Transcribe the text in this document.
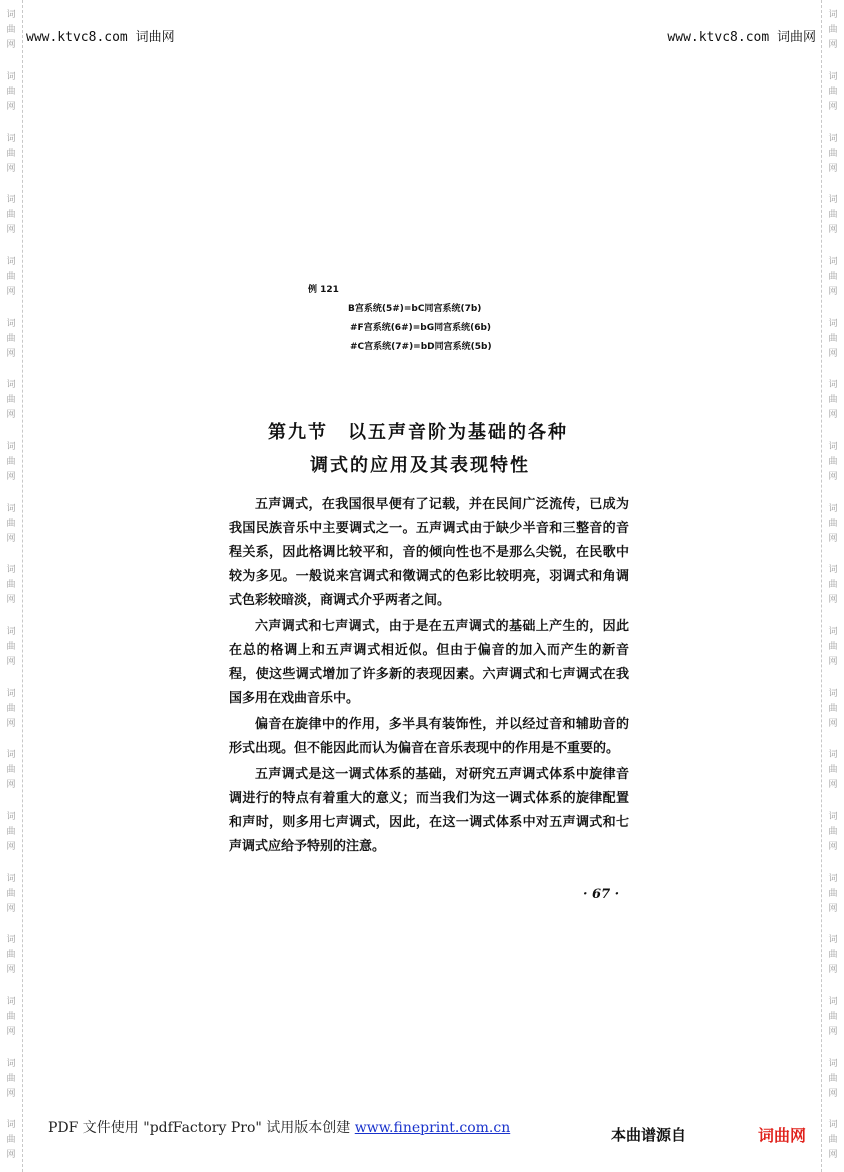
词
曲
网
词
曲
网
词
曲
网
词
曲
网
词
曲
网
词
曲
网
词
曲
网
词
曲
网
词
曲
网
词
曲
网
词
曲
网
词
曲
网
词
曲
网
词
曲
网
词
曲
网
词
曲
网
词
曲
网
词
曲
网
词
曲
网
词
曲
网
词
曲
网
词
曲
网
词
曲
网
词
曲
网
词
曲
网
词
曲
网
词
曲
网
词
曲
网
词
曲
网
词
曲
网
词
曲
网
词
曲
网
词
曲
网
词
曲
网
词
曲
网
词
曲
网
词
曲
网
词
曲
网
www.ktvc8.com 词曲网	www.ktvc8.com 词曲网
例 121
B宫系统(5#)=bC同宫系统(7b)
#F宫系统(6#)=bG同宫系统(6b)
#C宫系统(7#)=bD同宫系统(5b)
第九节　以五声音阶为基础的各种
调式的应用及其表现特性

五声调式，在我国很早便有了记载，并在民间广泛流传，已成为我国民族音乐中主要调式之一。五声调式由于缺少半音和三整音的音程关系，因此格调比较平和，音的倾向性也不是那么尖锐，在民歌中较为多见。一般说来宫调式和徵调式的色彩比较明亮，羽调式和角调式色彩较暗淡，商调式介乎两者之间。

六声调式和七声调式，由于是在五声调式的基础上产生的，因此在总的格调上和五声调式相近似。但由于偏音的加入而产生的新音程，使这些调式增加了许多新的表现因素。六声调式和七声调式在我国多用在戏曲音乐中。

偏音在旋律中的作用，多半具有装饰性，并以经过音和辅助音的形式出现。但不能因此而认为偏音在音乐表现中的作用是不重要的。

五声调式是这一调式体系的基础，对研究五声调式体系中旋律音调进行的特点有着重大的意义；而当我们为这一调式体系的旋律配置和声时，则多用七声调式，因此，在这一调式体系中对五声调式和七声调式应给予特别的注意。

· 67 ·
PDF 文件使用 "pdfFactory Pro" 试用版本创建 www.fineprint.com.cn	本曲谱源自	词曲网
